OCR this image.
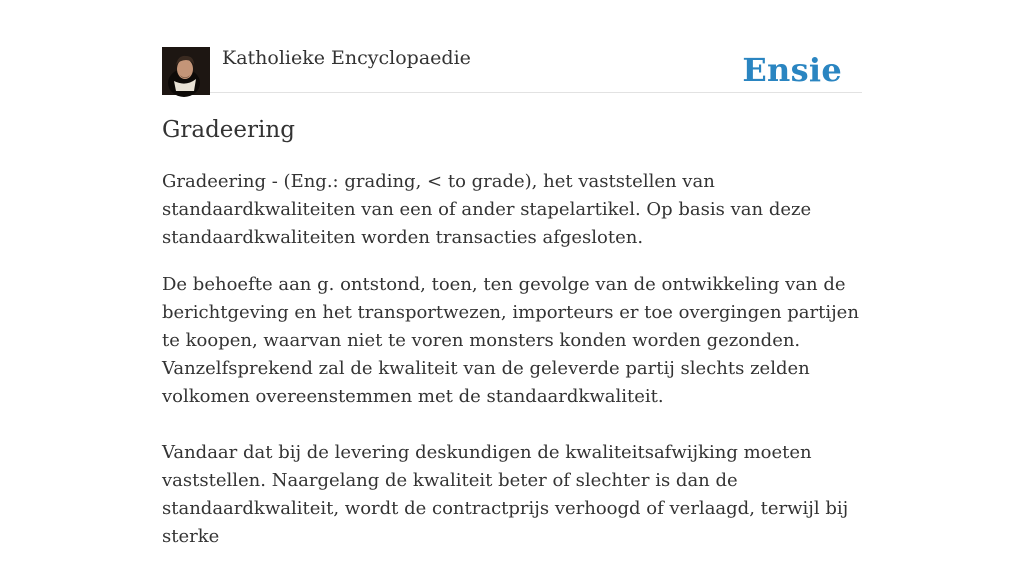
Katholieke Encyclopaedie	Ensie
Gradeering

Gradeering - (Eng.: grading, < to grade), het vaststellen van standaardkwaliteiten van een of ander stapelartikel. Op basis van deze standaardkwaliteiten worden transacties afgesloten.

De behoefte aan g. ontstond, toen, ten gevolge van de ontwikkeling van de berichtgeving en het transportwezen, importeurs er toe overgingen partijen te koopen, waarvan niet te voren monsters konden worden gezonden. Vanzelfsprekend zal de kwaliteit van de geleverde partij slechts zelden volkomen overeenstemmen met de standaardkwaliteit.

Vandaar dat bij de levering deskundigen de kwaliteitsafwijking moeten vaststellen. Naargelang de kwaliteit beter of slechter is dan de standaardkwaliteit, wordt de contractprijs verhoogd of verlaagd, terwijl bij sterke
